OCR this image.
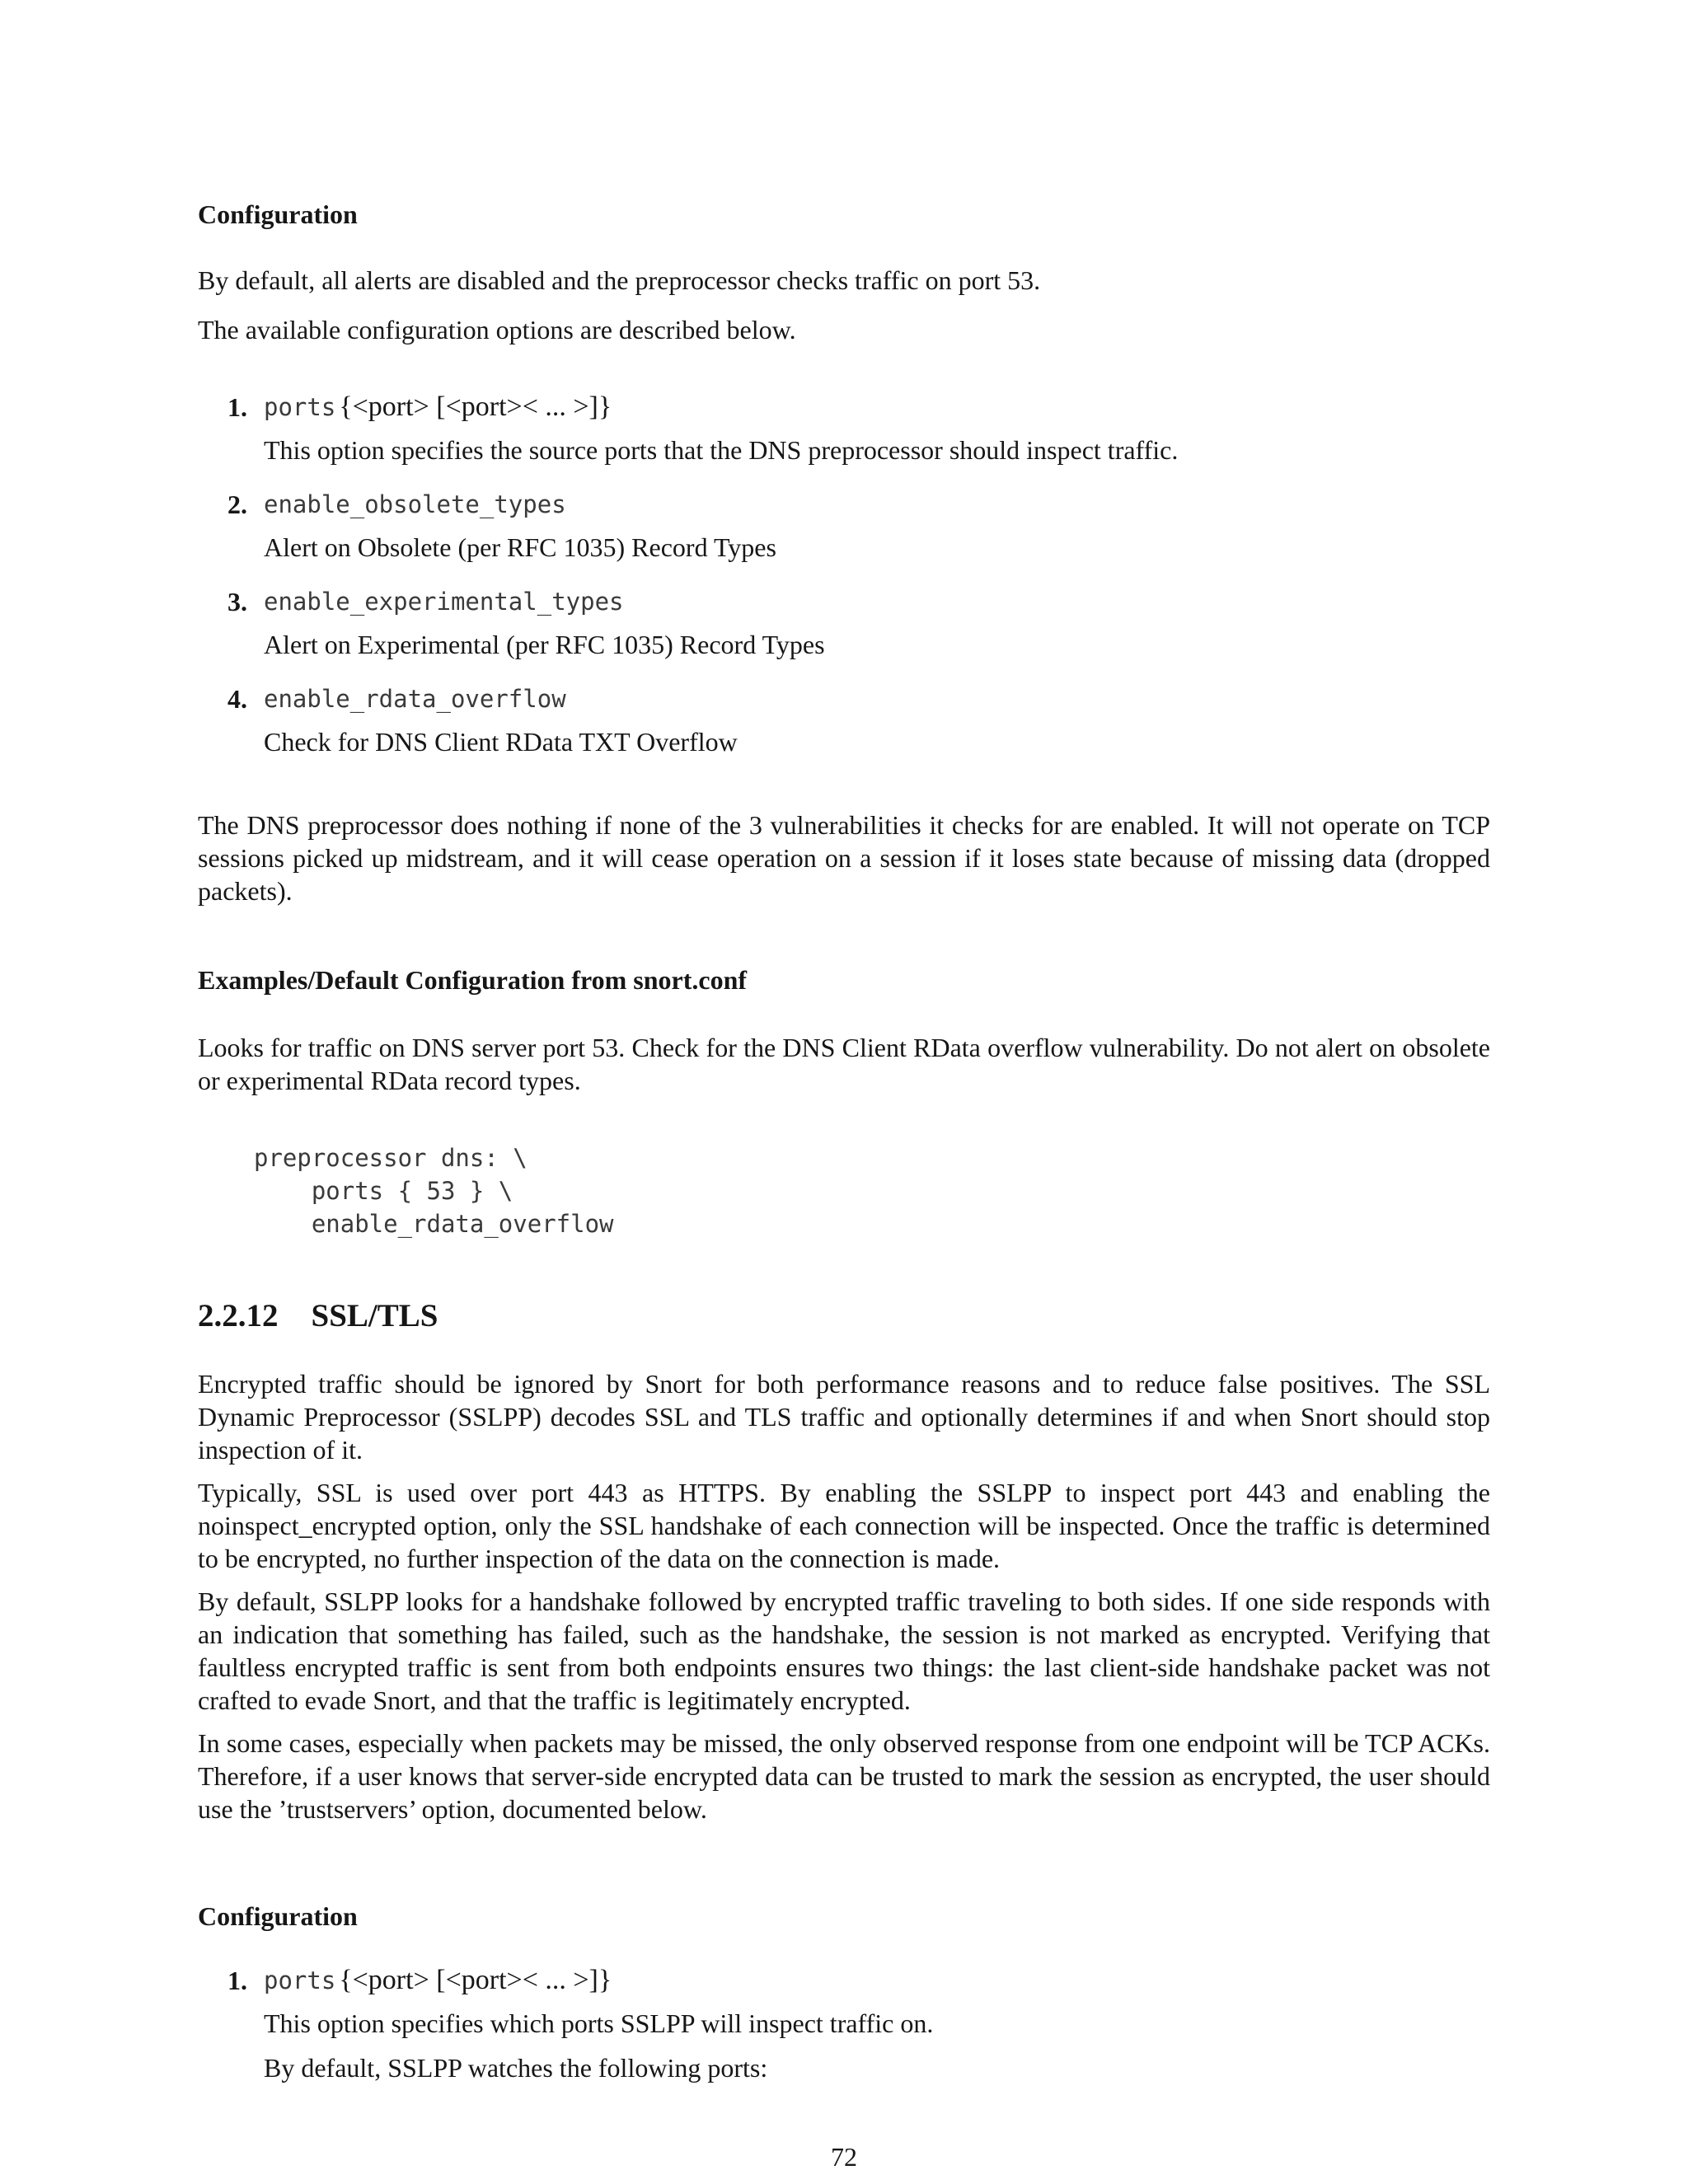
Configuration

By default, all alerts are disabled and the preprocessor checks traffic on port 53.

The available configuration options are described below.

1. ports {<port> [<port>< ... >]}

This option specifies the source ports that the DNS preprocessor should inspect traffic.

2. enable_obsolete_types

Alert on Obsolete (per RFC 1035) Record Types

3. enable_experimental_types

Alert on Experimental (per RFC 1035) Record Types

4. enable_rdata_overflow

Check for DNS Client RData TXT Overflow

The DNS preprocessor does nothing if none of the 3 vulnerabilities it checks for are enabled. It will not operate on TCP sessions picked up midstream, and it will cease operation on a session if it loses state because of missing data (dropped packets).

Examples/Default Configuration from snort.conf

Looks for traffic on DNS server port 53. Check for the DNS Client RData overflow vulnerability. Do not alert on obsolete or experimental RData record types.

preprocessor dns: \
ports { 53 } \
enable_rdata_overflow
2.2.12 SSL/TLS

Encrypted traffic should be ignored by Snort for both performance reasons and to reduce false positives. The SSL Dynamic Preprocessor (SSLPP) decodes SSL and TLS traffic and optionally determines if and when Snort should stop inspection of it.

Typically, SSL is used over port 443 as HTTPS. By enabling the SSLPP to inspect port 443 and enabling the noinspect_encrypted option, only the SSL handshake of each connection will be inspected. Once the traffic is determined to be encrypted, no further inspection of the data on the connection is made.

By default, SSLPP looks for a handshake followed by encrypted traffic traveling to both sides. If one side responds with an indication that something has failed, such as the handshake, the session is not marked as encrypted. Verifying that faultless encrypted traffic is sent from both endpoints ensures two things: the last client-side handshake packet was not crafted to evade Snort, and that the traffic is legitimately encrypted.

In some cases, especially when packets may be missed, the only observed response from one endpoint will be TCP ACKs. Therefore, if a user knows that server-side encrypted data can be trusted to mark the session as encrypted, the user should use the ’trustservers’ option, documented below.

Configuration

1. ports {<port> [<port>< ... >]}

This option specifies which ports SSLPP will inspect traffic on.

By default, SSLPP watches the following ports:

72
